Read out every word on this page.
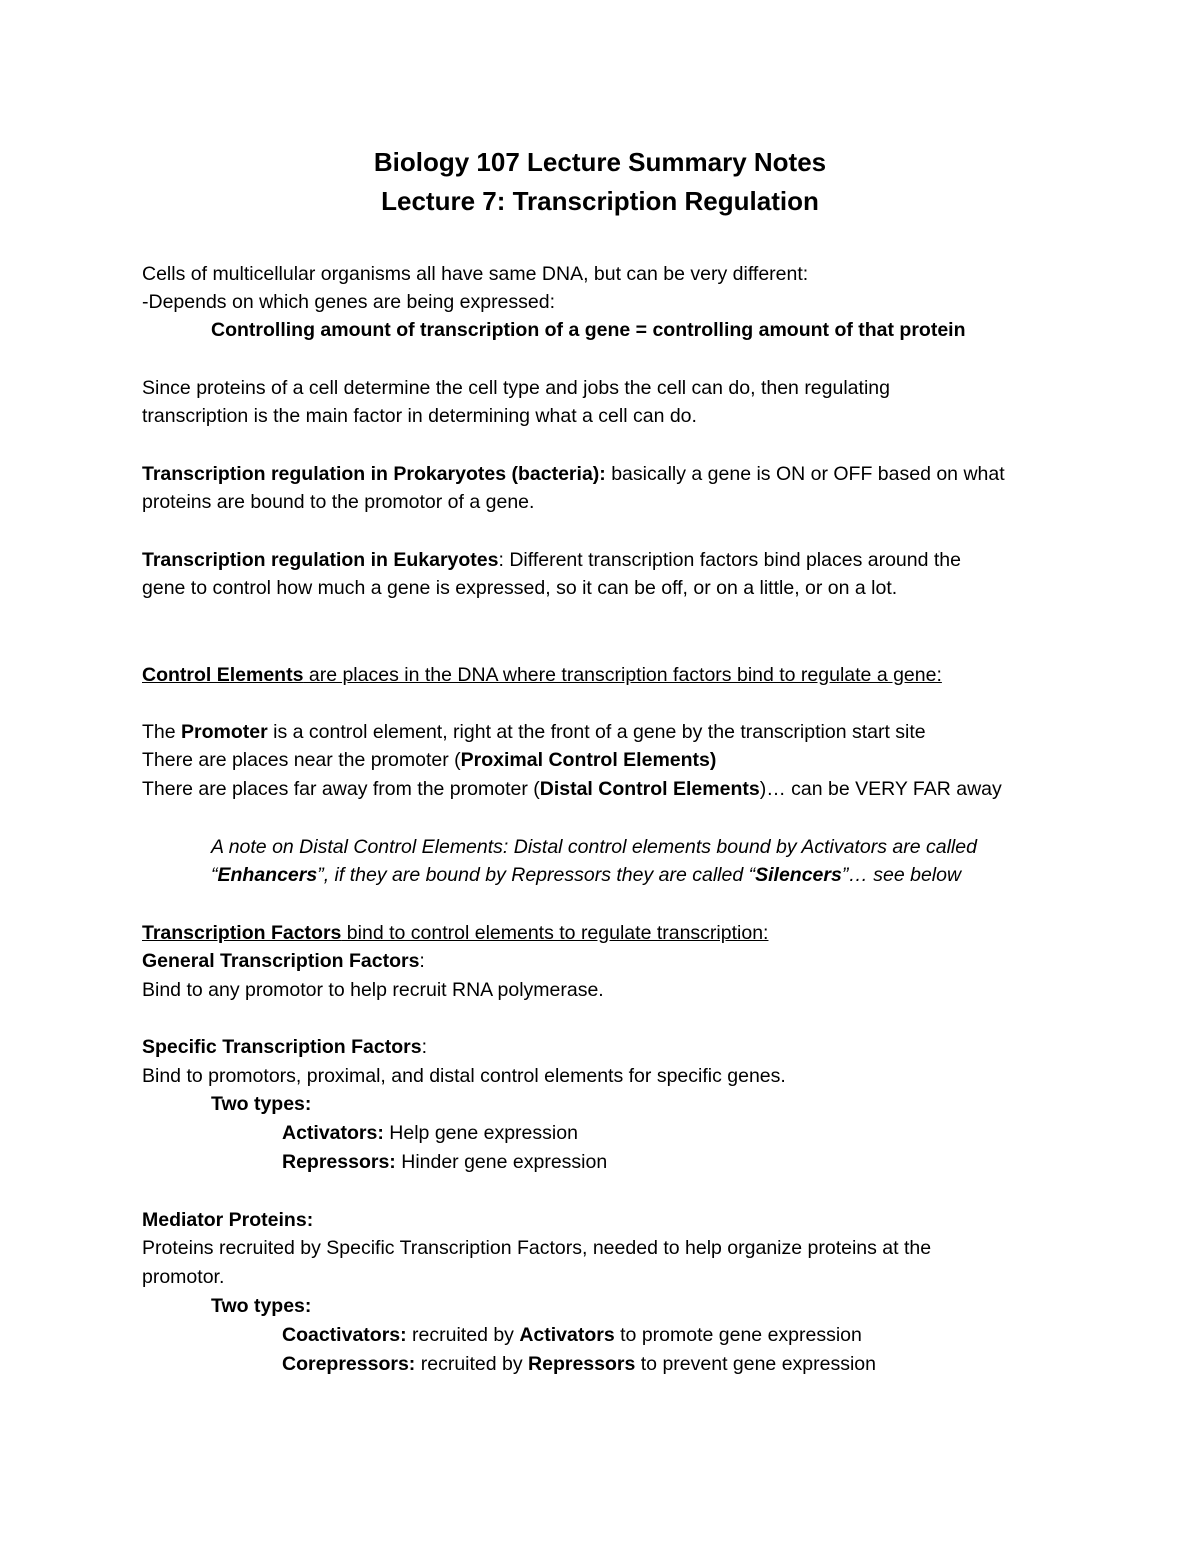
Biology 107 Lecture Summary Notes
Lecture 7: Transcription Regulation
Cells of multicellular organisms all have same DNA, but can be very different:
-Depends on which genes are being expressed:
Controlling amount of transcription of a gene = controlling amount of that protein
Since proteins of a cell determine the cell type and jobs the cell can do, then regulating
transcription is the main factor in determining what a cell can do.
Transcription regulation in Prokaryotes (bacteria): basically a gene is ON or OFF based on what
proteins are bound to the promotor of a gene.
Transcription regulation in Eukaryotes: Different transcription factors bind places around the
gene to control how much a gene is expressed, so it can be off, or on a little, or on a lot.
Control Elements are places in the DNA where transcription factors bind to regulate a gene:
The Promoter is a control element, right at the front of a gene by the transcription start site
There are places near the promoter (Proximal Control Elements)
There are places far away from the promoter (Distal Control Elements)… can be VERY FAR away
A note on Distal Control Elements: Distal control elements bound by Activators are called
“Enhancers”, if they are bound by Repressors they are called “Silencers”… see below
Transcription Factors bind to control elements to regulate transcription:
General Transcription Factors:
Bind to any promotor to help recruit RNA polymerase.
Specific Transcription Factors:
Bind to promotors, proximal, and distal control elements for specific genes.
Two types:
Activators: Help gene expression
Repressors: Hinder gene expression
Mediator Proteins:
Proteins recruited by Specific Transcription Factors, needed to help organize proteins at the
promotor.
Two types:
Coactivators: recruited by Activators to promote gene expression
Corepressors: recruited by Repressors to prevent gene expression
